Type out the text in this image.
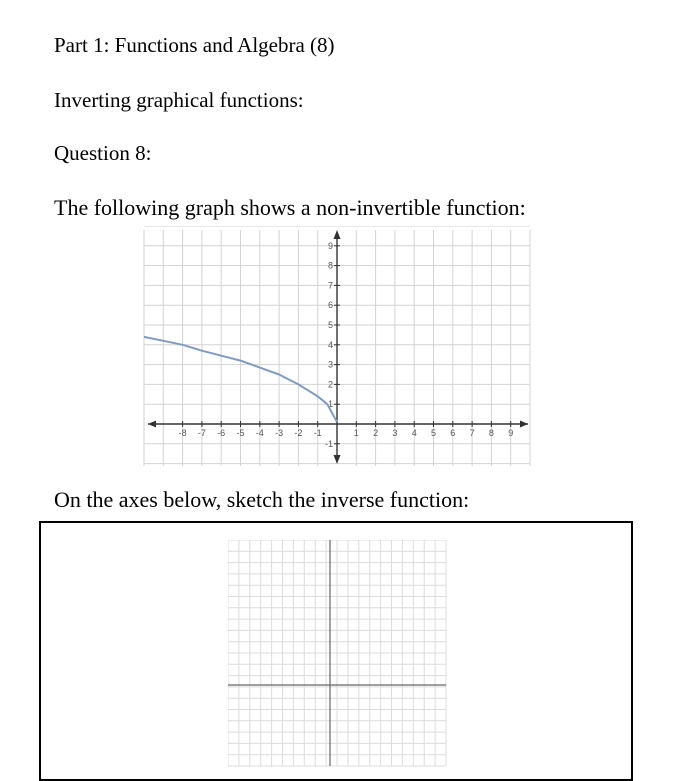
Part 1: Functions and Algebra (8)
Inverting graphical functions:
Question 8:

The following graph shows a non-invertible function:

-8 -7 -6 -5 -4 -3 -2 -1	1 2 3 4 5 6 7 8 9
9
8
7
6
5
4
3
2
1
-1

On the axes below, sketch the inverse function:
